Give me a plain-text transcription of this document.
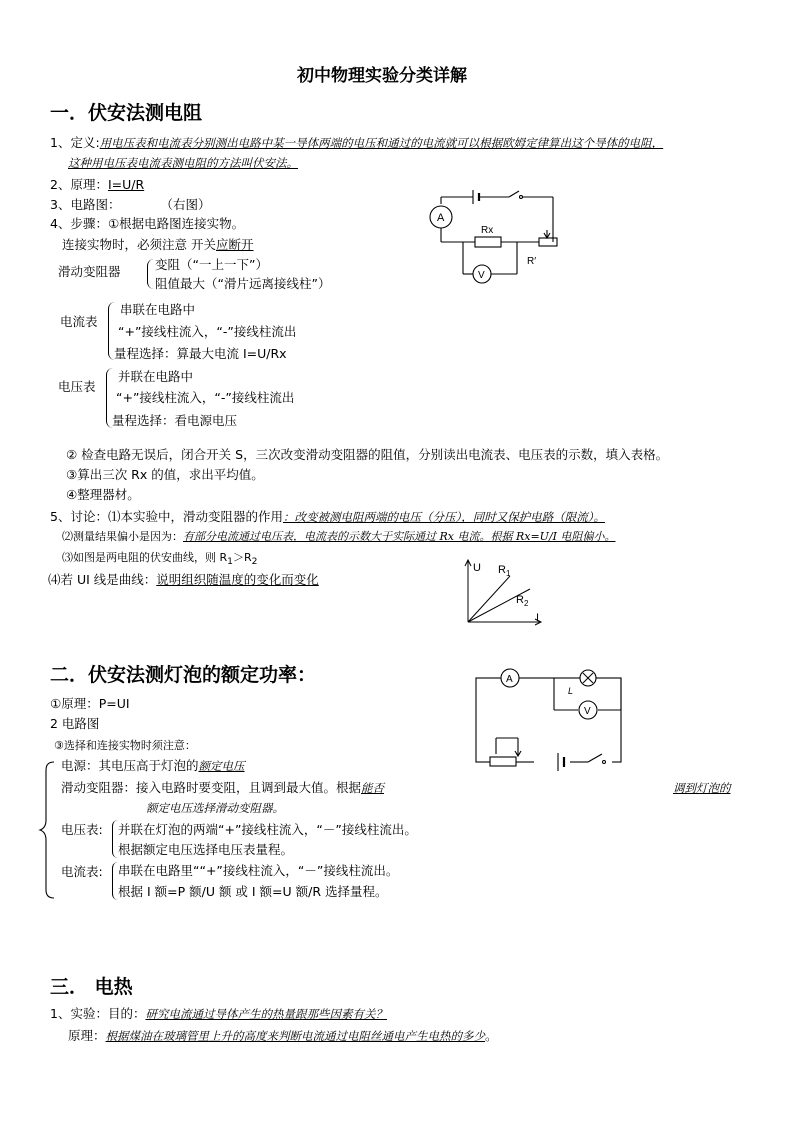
初中物理实验分类详解
一．伏安法测电阻
1、定义:用电压表和电流表分别测出电路中某一导体两端的电压和通过的电流就可以根据欧姆定律算出这个导体的电阻，
这种用电压表电流表测电阻的方法叫伏安法。
2、原理：I=U/R
3、电路图：	（右图）
4、步骤：①根据电路图连接实物。
连接实物时，必须注意 开关应断开
滑动变阻器	变阻（“一上一下”）
阻值最大（“滑片远离接线柱”）
电流表
串联在电路中
“+”接线柱流入，“-”接线柱流出
量程选择：算最大电流 I=U/Rx
电压表
并联在电路中
“+”接线柱流入，“-”接线柱流出
量程选择：看电源电压
② 检查电路无误后，闭合开关 S，三次改变滑动变阻器的阻值，分别读出电流表、电压表的示数，填入表格。
③算出三次 Rx 的值，求出平均值。
④整理器材。
5、讨论：⑴本实验中，滑动变阻器的作用：改变被测电阻两端的电压（分压），同时又保护电路（限流）。
⑵测量结果偏小是因为：有部分电流通过电压表，电流表的示数大于实际通过 Rx 电流。根据 Rx=U/I 电阻偏小。
⑶如图是两电阻的伏安曲线，则 $R_1>R_2$
⑷若 UI 线是曲线：说明组织随温度的变化而变化
A
V
Rx
R′
U R 1
R 2
I
二．伏安法测灯泡的额定功率：
①原理：P=UI
2 电路图
③选择和连接实物时须注意：
电源：其电压高于灯泡的额定电压
滑动变阻器：接入电路时要变阻，且调到最大值。根据能否	调到灯泡的
额定电压选择滑动变阻器。
电压表: 并联在灯泡的两端“+”接线柱流入，“－”接线柱流出。
根据额定电压选择电压表量程。
电流表: 串联在电路里““+”接线柱流入，“－”接线柱流出。
根据 I 额=P 额/U 额 或 I 额=U 额/R 选择量程。
A
L
V
三． 电热
1、实验：目的：研究电流通过导体产生的热量跟那些因素有关？
原理：根据煤油在玻璃管里上升的高度来判断电流通过电阻丝通电产生电热的多少。
